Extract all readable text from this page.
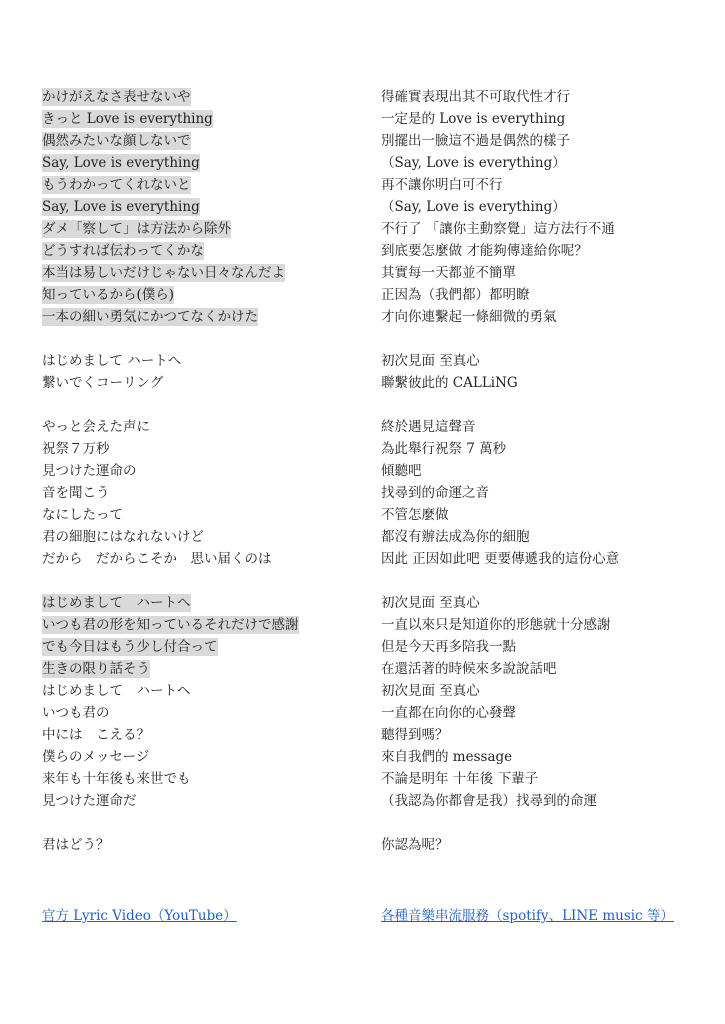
かけがえなさ表せないや
きっと Love is everything
偶然みたいな顔しないで
Say, Love is everything
もうわかってくれないと
Say, Love is everything
ダメ「察して」は方法から除外
どうすれば伝わってくかな
本当は易しいだけじゃない日々なんだよ
知っているから(僕ら)
一本の細い勇気にかつてなくかけた
はじめまして ハートへ
繋いでくコーリング
やっと会えた声に
祝祭７万秒
見つけた運命の
音を聞こう
なにしたって
君の細胞にはなれないけど
だから　だからこそか　思い届くのは
はじめまして　ハートへ
いつも君の形を知っているそれだけで感謝
でも今日はもう少し付合って
生きの限り話そう
はじめまして　ハートへ
いつも君の
中には　こえる？
僕らのメッセージ
来年も十年後も来世でも
見つけた運命だ
君はどう？
得確實表現出其不可取代性才行
一定是的 Love is everything
別擺出一臉這不過是偶然的樣子
（Say, Love is everything）
再不讓你明白可不行
（Say, Love is everything）
不行了 「讓你主動察覺」這方法行不通
到底要怎麼做 才能夠傳達給你呢？
其實每一天都並不簡單
正因為（我們都）都明瞭
才向你連繫起一條細微的勇氣
初次見面 至真心
聯繫彼此的 CALLiNG
終於遇見這聲音
為此舉行祝祭 7 萬秒
傾聽吧
找尋到的命運之音
不管怎麼做
都沒有辦法成為你的細胞
因此 正因如此吧 更要傳遞我的這份心意
初次見面 至真心
一直以來只是知道你的形態就十分感謝
但是今天再多陪我一點
在還活著的時候來多說說話吧
初次見面 至真心
一直都在向你的心發聲
聽得到嗎？
來自我們的 message
不論是明年 十年後 下輩子
（我認為你都會是我）找尋到的命運
你認為呢？
官方 Lyric Video（YouTube）	各種音樂串流服務（spotify、LINE music 等）
